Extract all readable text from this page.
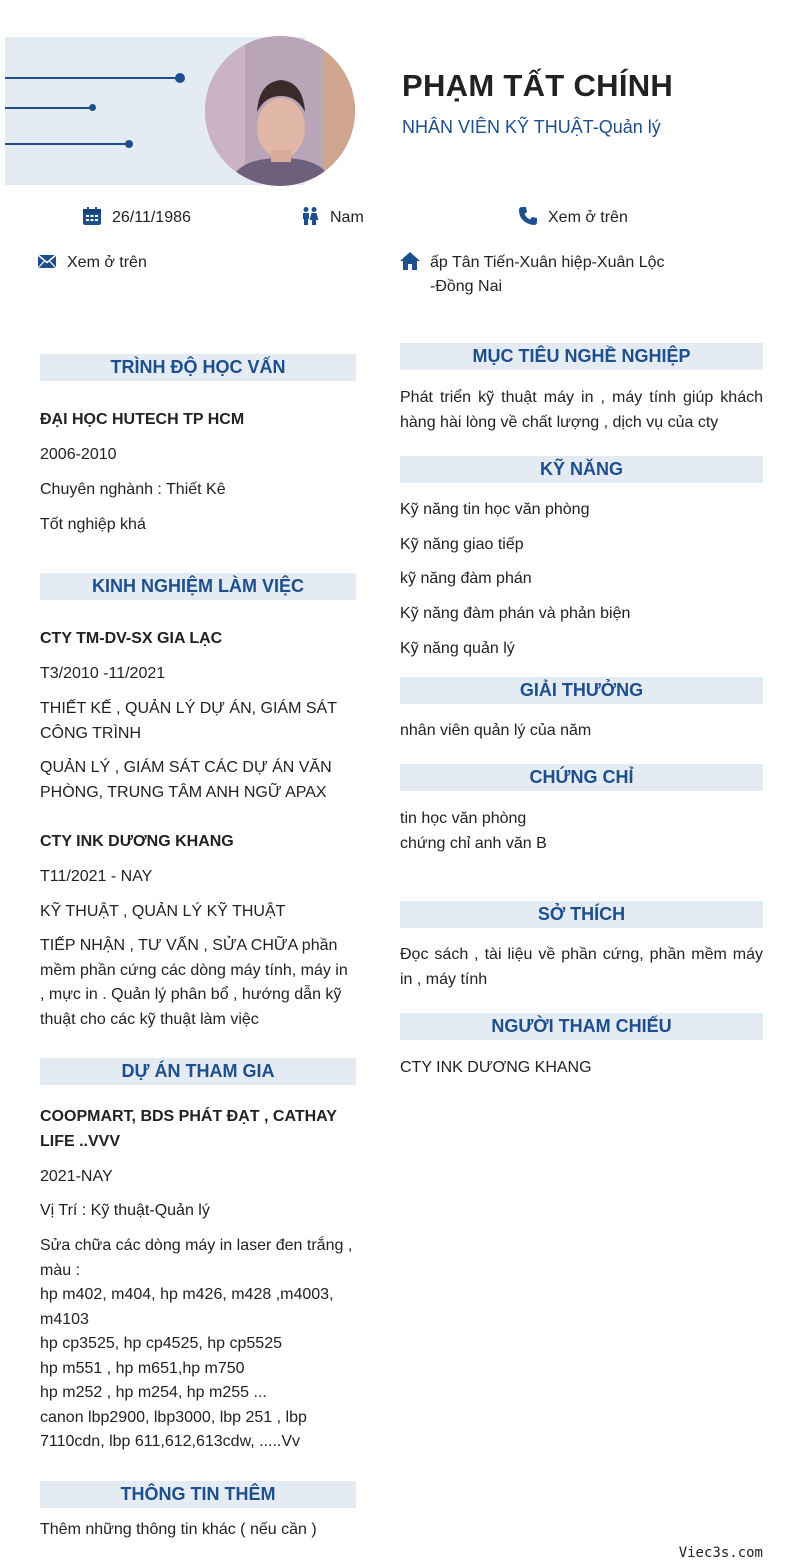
PHẠM TẤT CHÍNH
NHÂN VIÊN KỸ THUẬT-Quản lý
26/11/1986	Nam	Xem ở trên
Xem ở trên	ấp Tân Tiến-Xuân hiệp-Xuân Lộc
-Đồng Nai
TRÌNH ĐỘ HỌC VẤN
ĐẠI HỌC HUTECH TP HCM
2006-2010
Chuyên nghành : Thiết Kê
Tốt nghiệp khá
KINH NGHIỆM LÀM VIỆC
CTY TM-DV-SX GIA LẠC
T3/2010 -11/2021
THIẾT KẾ , QUẢN LÝ DỰ ÁN, GIÁM SÁT CÔNG TRÌNH
QUẢN LÝ , GIÁM SÁT CÁC DỰ ÁN VĂN PHÒNG, TRUNG TÂM ANH NGỮ APAX
CTY INK DƯƠNG KHANG
T11/2021 - NAY
KỸ THUẬT , QUẢN LÝ KỸ THUẬT
TIẾP NHẬN , TƯ VẤN , SỬA CHỮA phần mềm phần cứng các dòng máy tính, máy in , mực in . Quản lý phân bổ , hướng dẫn kỹ thuật cho các kỹ thuật làm việc
DỰ ÁN THAM GIA
COOPMART, BDS PHÁT ĐẠT , CATHAY LIFE ..VVV
2021-NAY
Vị Trí : Kỹ thuật-Quản lý
Sửa chữa các dòng máy in laser đen trắng , màu :
hp m402, m404, hp m426, m428 ,m4003, m4103
hp cp3525, hp cp4525, hp cp5525
hp m551 , hp m651,hp m750
hp m252 , hp m254, hp m255 ...
canon lbp2900, lbp3000, lbp 251 , lbp 7110cdn, lbp 611,612,613cdw, .....Vv
THÔNG TIN THÊM
Thêm những thông tin khác ( nếu cần )
MỤC TIÊU NGHỀ NGHIỆP
Phát triển kỹ thuật máy in , máy tính giúp khách hàng hài lòng về chất lượng , dịch vụ của cty
KỸ NĂNG
Kỹ năng tin học văn phòng
Kỹ năng giao tiếp
kỹ năng đàm phán
Kỹ năng đàm phán và phản biện
Kỹ năng quản lý
GIẢI THƯỞNG
nhân viên quản lý của năm
CHỨNG CHỈ
tin học văn phòng
chứng chỉ anh văn B
SỞ THÍCH
Đọc sách , tài liệu về phần cứng, phần mềm máy in , máy tính
NGƯỜI THAM CHIẾU
CTY INK DƯƠNG KHANG
Viec3s.com
